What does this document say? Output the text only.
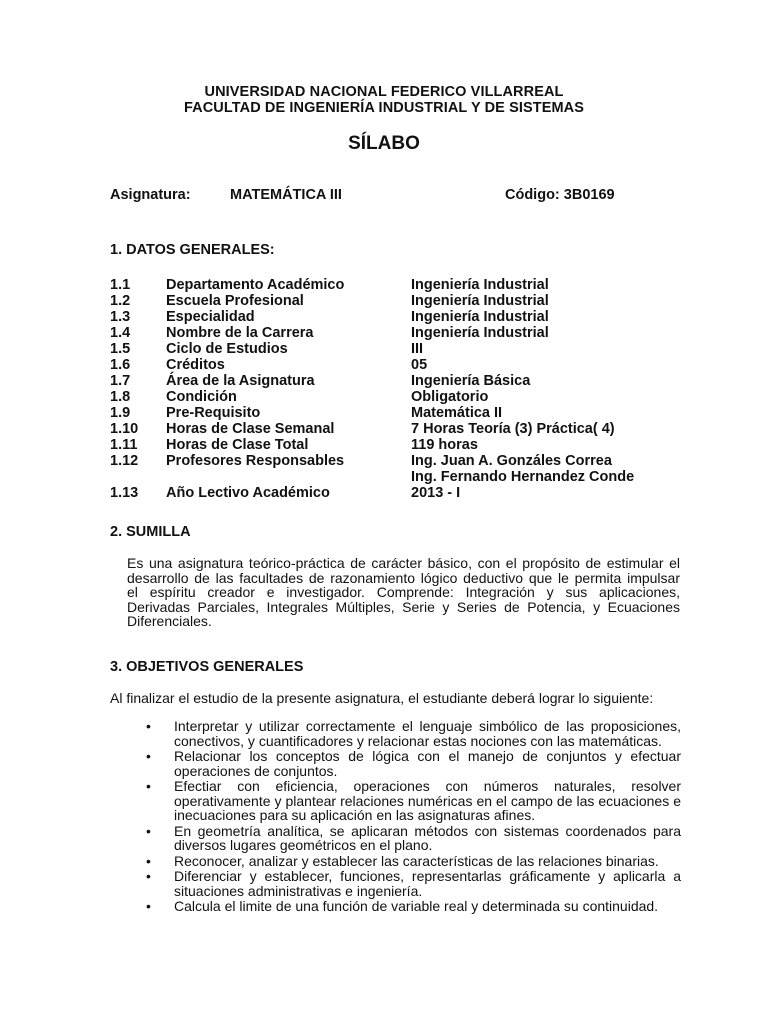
UNIVERSIDAD NACIONAL FEDERICO VILLARREAL
FACULTAD DE INGENIERÍA INDUSTRIAL Y DE SISTEMAS
SÍLABO
Asignatura:	MATEMÁTICA III	Código: 3B0169
1. DATOS GENERALES:
1.1 Departamento Académico	Ingeniería Industrial
1.2 Escuela Profesional	Ingeniería Industrial
1.3 Especialidad	Ingeniería Industrial
1.4 Nombre de la Carrera	Ingeniería Industrial
1.5 Ciclo de Estudios	III
1.6 Créditos	05
1.7 Área de la Asignatura	Ingeniería Básica
1.8 Condición	Obligatorio
1.9 Pre-Requisito	Matemática II
1.10 Horas de Clase Semanal	7 Horas Teoría (3) Práctica( 4)
1.11 Horas de Clase Total	119 horas
1.12 Profesores Responsables	Ing. Juan A. Gonzáles Correa
Ing. Fernando Hernandez Conde
1.13 Año Lectivo Académico	2013 - I
2. SUMILLA
Es una asignatura teórico-práctica de carácter básico, con el propósito de estimular el
desarrollo de las facultades de razonamiento lógico deductivo que le permita impulsar
el espíritu creador e investigador. Comprende: Integración y sus aplicaciones,
Derivadas Parciales, Integrales Múltiples, Serie y Series de Potencia, y Ecuaciones
Diferenciales.
3. OBJETIVOS GENERALES
Al finalizar el estudio de la presente asignatura, el estudiante deberá lograr lo siguiente:
•	Interpretar y utilizar correctamente el lenguaje simbólico de las proposiciones, conectivos, y cuantificadores y relacionar estas nociones con las matemáticas.
•	Relacionar los conceptos de lógica con el manejo de conjuntos y efectuar operaciones de conjuntos.
•	Efectiar con eficiencia, operaciones con números naturales, resolver operativamente y plantear relaciones numéricas en el campo de las ecuaciones e inecuaciones para su aplicación en las asignaturas afines.
•	En geometría analítica, se aplicaran métodos con sistemas coordenados para diversos lugares geométricos en el plano.
•	Reconocer, analizar y establecer las características de las relaciones binarias.
•	Diferenciar y establecer, funciones, representarlas gráficamente y aplicarla a situaciones administrativas e ingeniería.
•	Calcula el limite de una función de variable real y determinada su continuidad.
